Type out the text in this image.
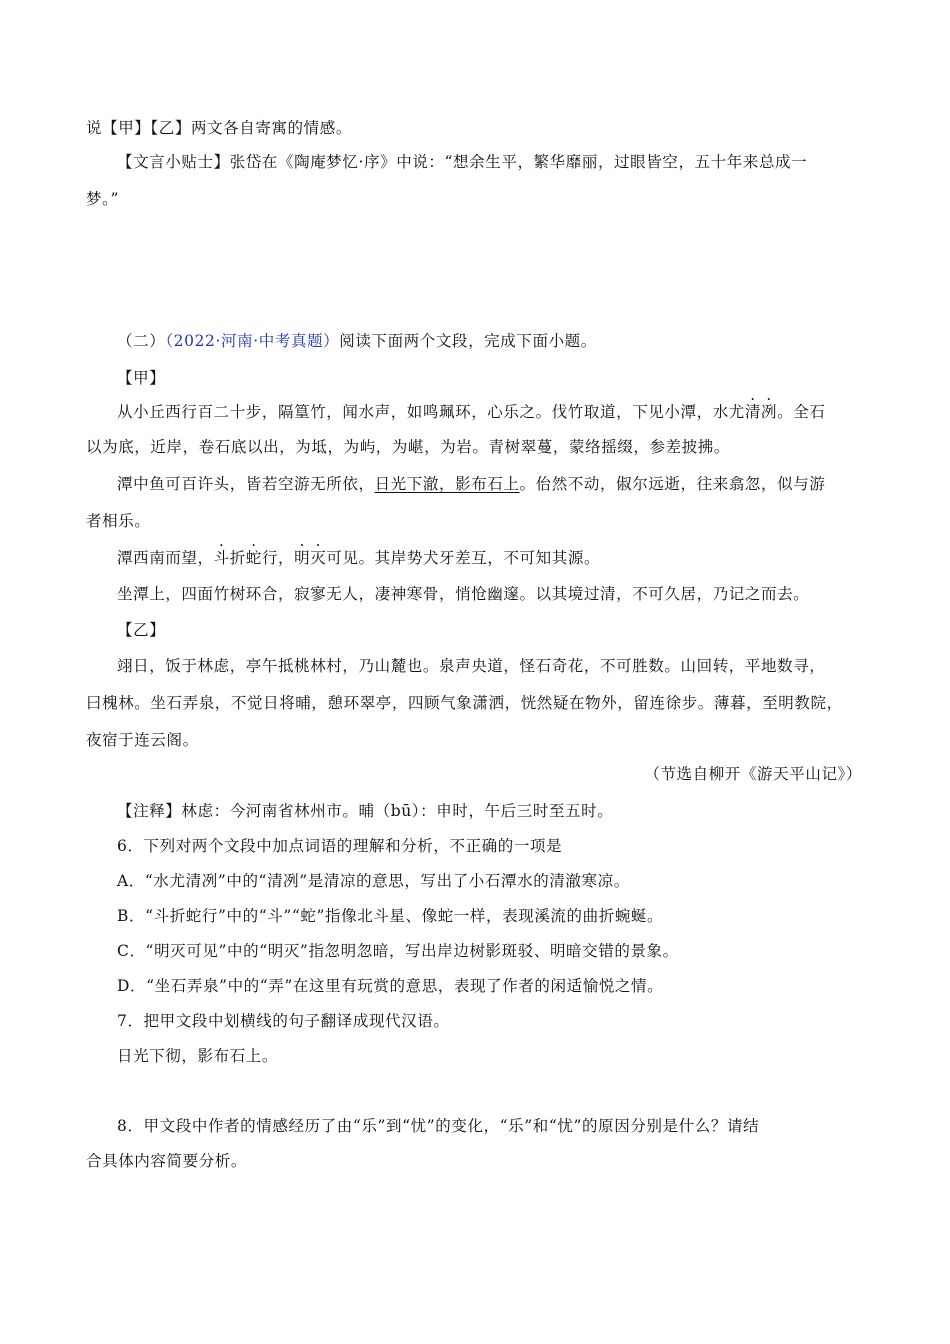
说【甲】【乙】两文各自寄寓的情感。
【文言小贴士】张岱在《陶庵梦忆·序》中说：“想余生平，繁华靡丽，过眼皆空，五十年来总成一
梦。”
（二）（2022·河南·中考真题）阅读下面两个文段，完成下面小题。
【甲】
从小丘西行百二十步，隔篁竹，闻水声，如鸣珮环，心乐之。伐竹取道，下见小潭，水尤清冽。全石
以为底，近岸，卷石底以出，为坻，为屿，为嵁，为岩。青树翠蔓，蒙络摇缀，参差披拂。
潭中鱼可百许头，皆若空游无所依，日光下澈，影布石上。佁然不动，俶尔远逝，往来翕忽，似与游
者相乐。
潭西南而望，斗折蛇行，明灭可见。其岸势犬牙差互，不可知其源。
坐潭上，四面竹树环合，寂寥无人，凄神寒骨，悄怆幽邃。以其境过清，不可久居，乃记之而去。
【乙】
翊日，饭于林虑，亭午抵桃林村，乃山麓也。泉声央道，怪石奇花，不可胜数。山回转，平地数寻，
曰槐林。坐石弄泉，不觉日将晡，憩环翠亭，四顾气象潇洒，恍然疑在物外，留连徐步。薄暮，至明教院，
夜宿于连云阁。
（节选自柳开《游天平山记》）
【注释】林虑：今河南省林州市。晡（bū）：申时，午后三时至五时。
6．下列对两个文段中加点词语的理解和分析，不正确的一项是
A．“水尤清冽”中的“清冽”是清凉的意思，写出了小石潭水的清澈寒凉。
B．“斗折蛇行”中的“斗”“蛇”指像北斗星、像蛇一样，表现溪流的曲折蜿蜒。
C．“明灭可见”中的“明灭”指忽明忽暗，写出岸边树影斑驳、明暗交错的景象。
D．“坐石弄泉”中的“弄”在这里有玩赏的意思，表现了作者的闲适愉悦之情。
7．把甲文段中划横线的句子翻译成现代汉语。
日光下彻，影布石上。
8．甲文段中作者的情感经历了由“乐”到“忧”的变化，“乐”和“忧”的原因分别是什么？请结
合具体内容简要分析。
